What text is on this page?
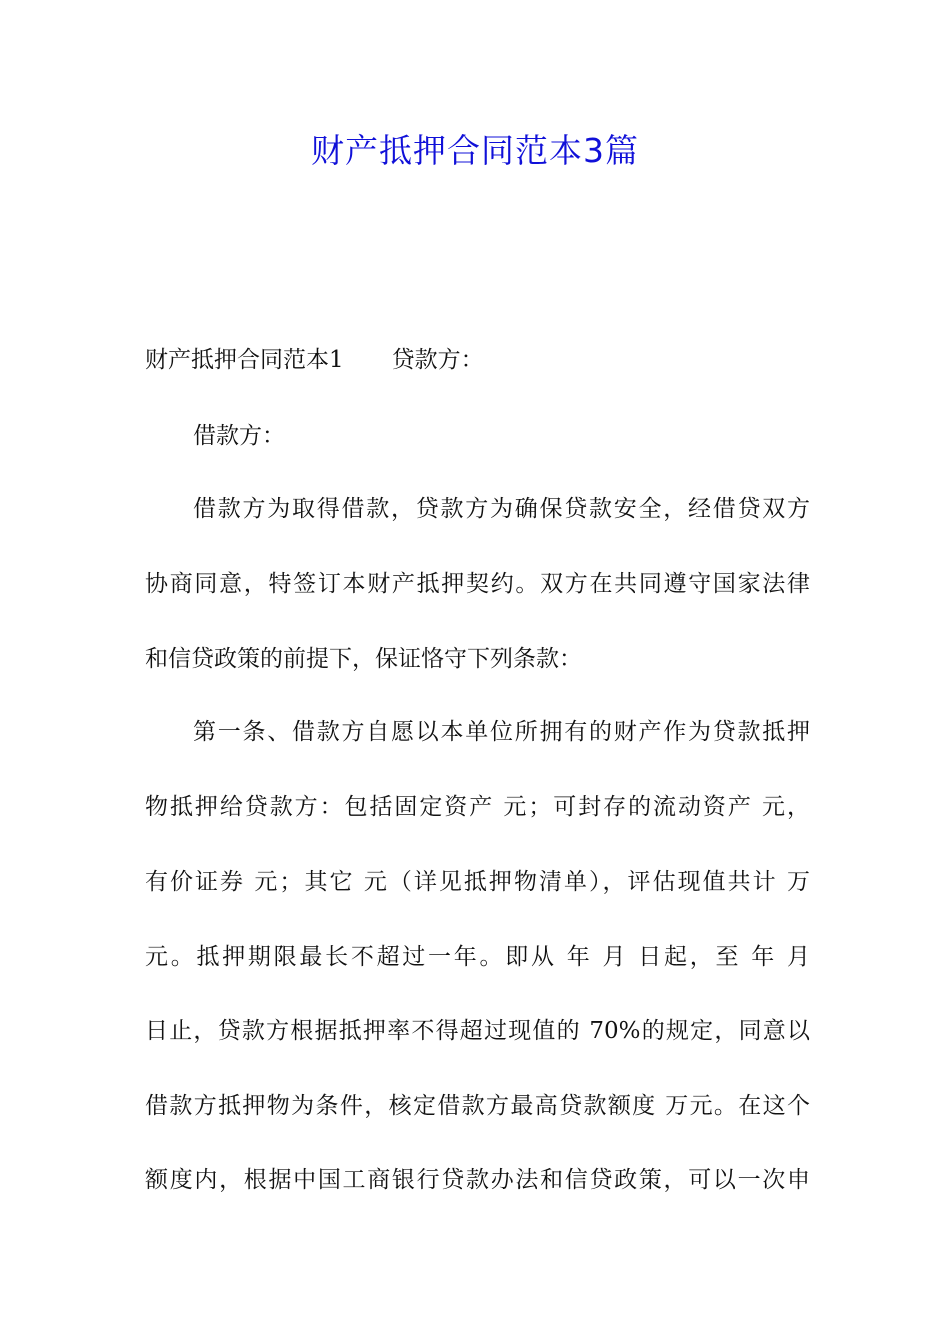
财产抵押合同范本3篇
财产抵押合同范本1 贷款方：
借款方：
借款方为取得借款，贷款方为确保贷款安全，经借贷双方
协商同意，特签订本财产抵押契约。双方在共同遵守国家法律
和信贷政策的前提下，保证恪守下列条款：
第一条、借款方自愿以本单位所拥有的财产作为贷款抵押
物抵押给贷款方：包括固定资产 元；可封存的流动资产 元，
有价证券 元；其它 元（详见抵押物清单），评估现值共计 万
元。抵押期限最长不超过一年。即从 年 月 日起，至 年 月
日止，贷款方根据抵押率不得超过现值的 70%的规定，同意以
借款方抵押物为条件，核定借款方最高贷款额度 万元。在这个
额度内，根据中国工商银行贷款办法和信贷政策，可以一次申
